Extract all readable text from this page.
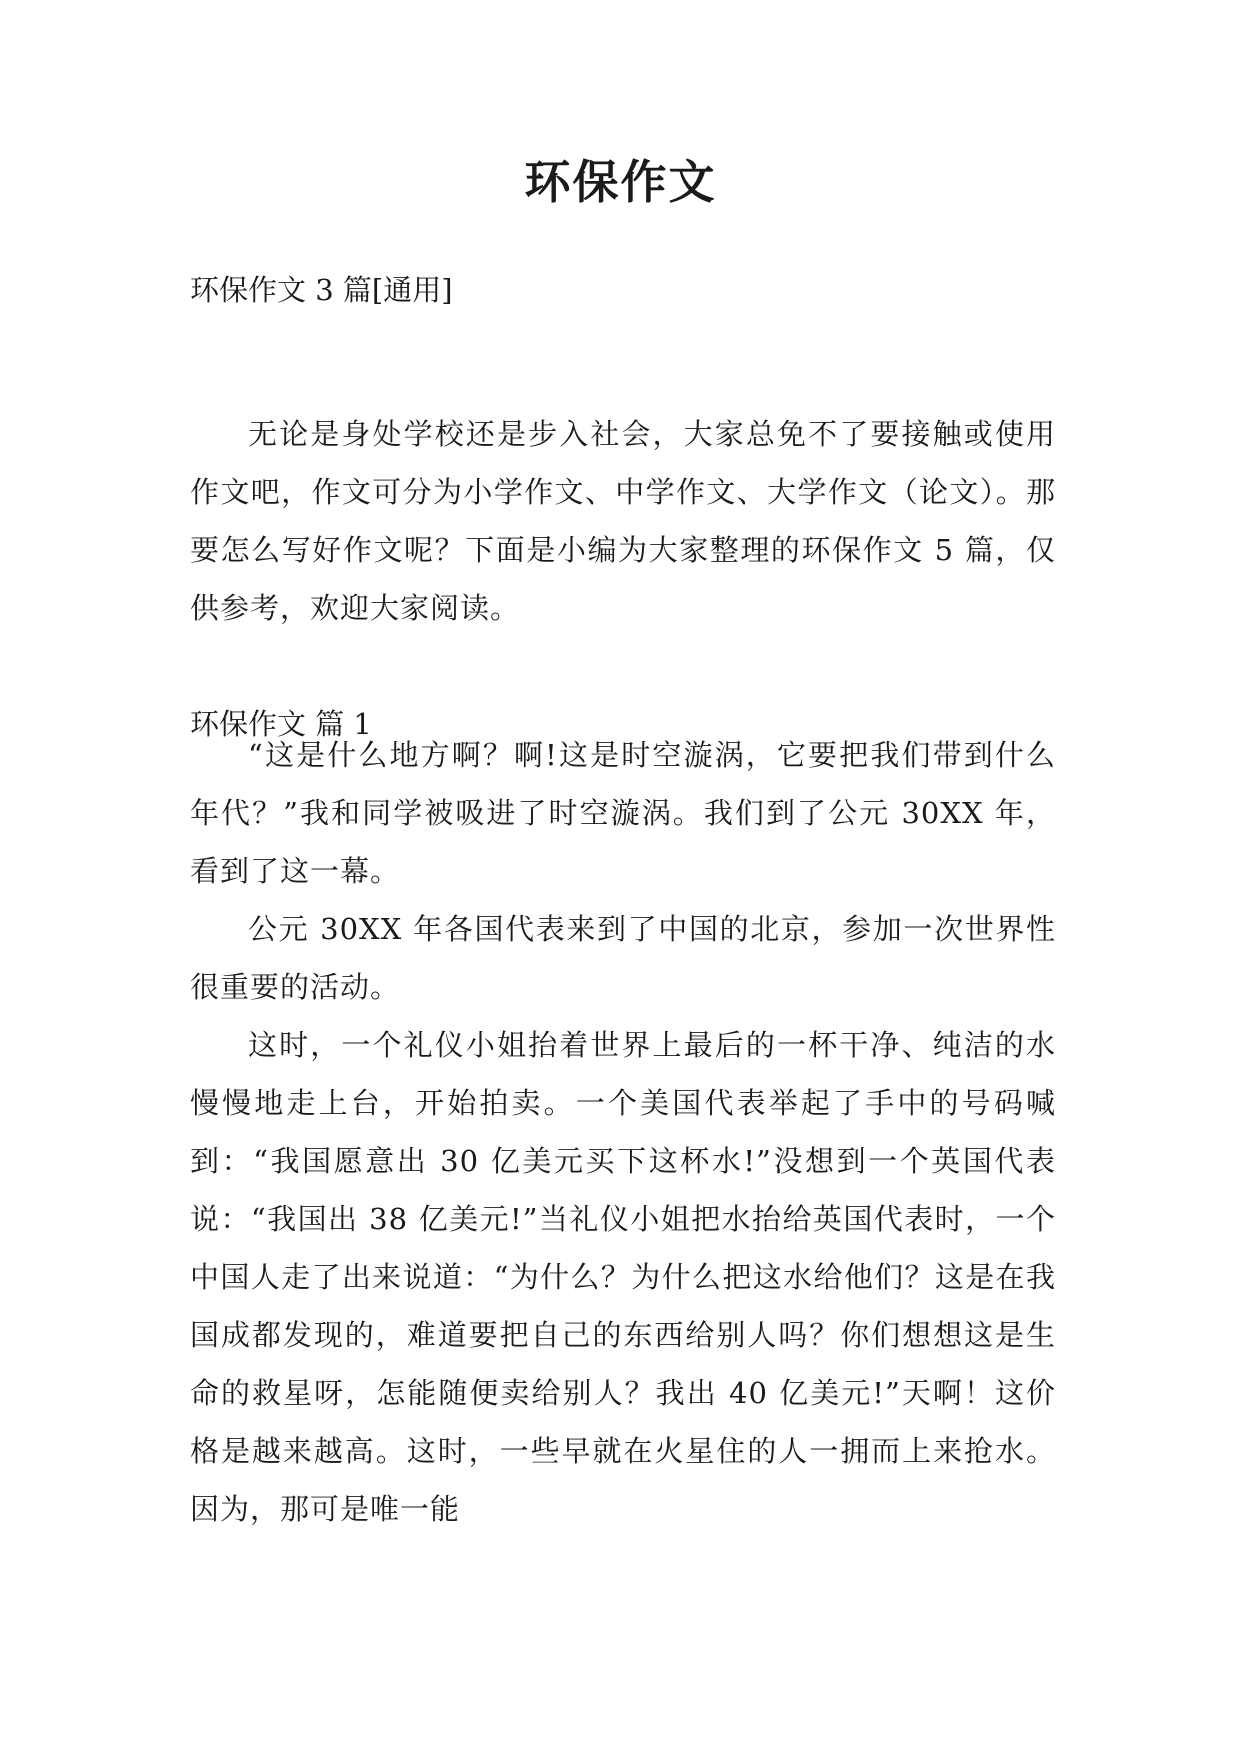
环保作文
环保作文 3 篇[通用]

无论是身处学校还是步入社会，大家总免不了要接触或使用作文吧，作文可分为小学作文、中学作文、大学作文（论文）。那要怎么写好作文呢？下面是小编为大家整理的环保作文 5 篇，仅供参考，欢迎大家阅读。

环保作文 篇 1

“这是什么地方啊？啊!这是时空漩涡，它要把我们带到什么年代？”我和同学被吸进了时空漩涡。我们到了公元 30XX 年，看到了这一幕。

公元 30XX 年各国代表来到了中国的北京，参加一次世界性很重要的活动。

这时，一个礼仪小姐抬着世界上最后的一杯干净、纯洁的水慢慢地走上台，开始拍卖。一个美国代表举起了手中的号码喊到：“我国愿意出 30 亿美元买下这杯水!”没想到一个英国代表说：“我国出 38 亿美元!”当礼仪小姐把水抬给英国代表时，一个中国人走了出来说道：“为什么？为什么把这水给他们？这是在我国成都发现的，难道要把自己的东西给别人吗？你们想想这是生命的救星呀，怎能随便卖给别人？我出 40 亿美元!”天啊！这价格是越来越高。这时，一些早就在火星住的人一拥而上来抢水。因为，那可是唯一能
